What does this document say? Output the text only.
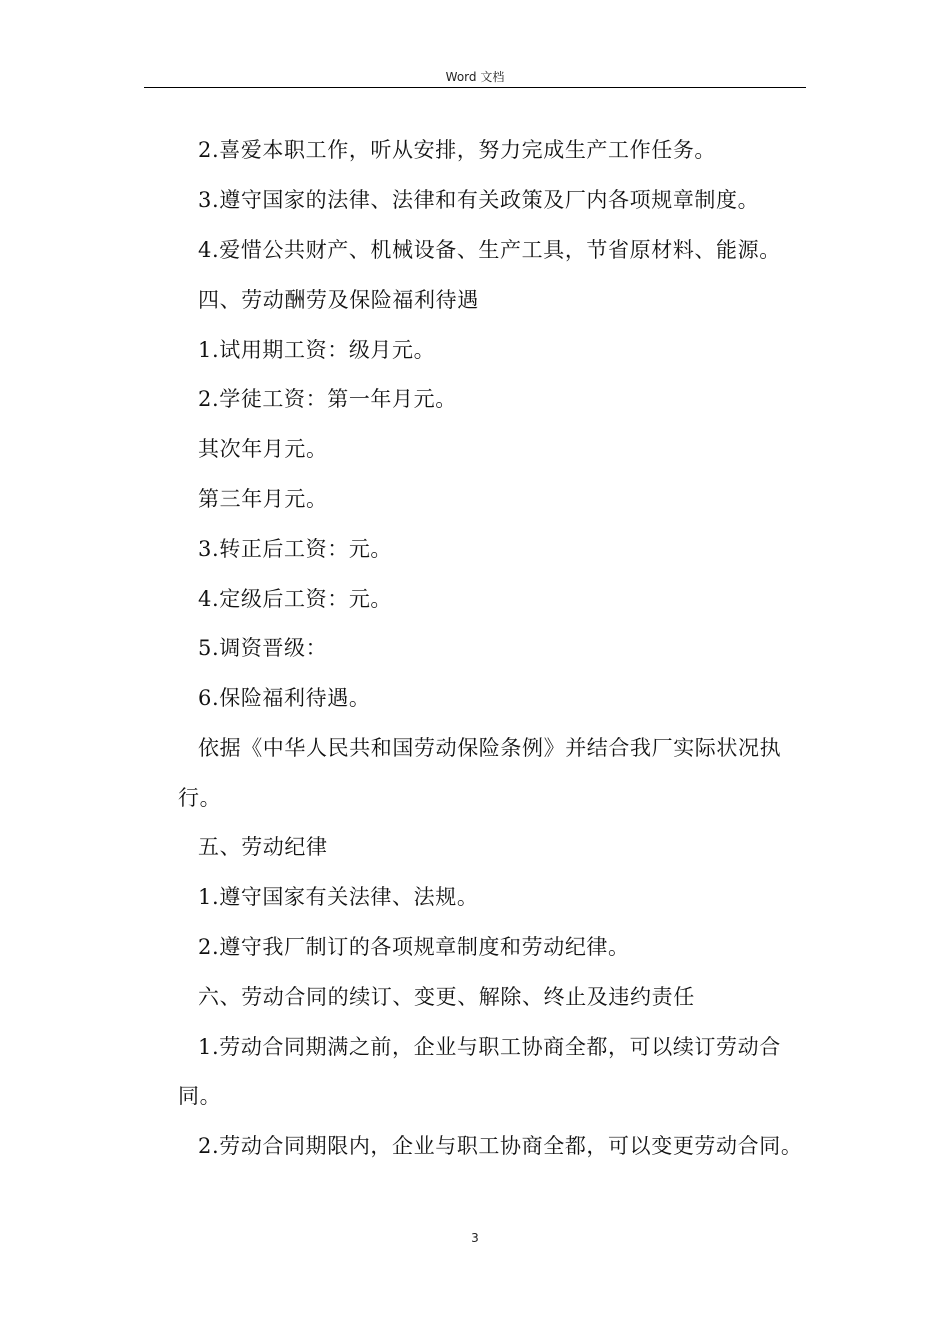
Word 文档
2.喜爱本职工作，听从安排，努力完成生产工作任务。
3.遵守国家的法律、法律和有关政策及厂内各项规章制度。
4.爱惜公共财产、机械设备、生产工具，节省原材料、能源。
四、劳动酬劳及保险福利待遇
1.试用期工资：级月元。
2.学徒工资：第一年月元。
其次年月元。
第三年月元。
3.转正后工资：元。
4.定级后工资：元。
5.调资晋级：
6.保险福利待遇。
依据《中华人民共和国劳动保险条例》并结合我厂实际状况执
行。
五、劳动纪律
1.遵守国家有关法律、法规。
2.遵守我厂制订的各项规章制度和劳动纪律。
六、劳动合同的续订、变更、解除、终止及违约责任
1.劳动合同期满之前，企业与职工协商全都，可以续订劳动合
同。
2.劳动合同期限内，企业与职工协商全都，可以变更劳动合同。
3
